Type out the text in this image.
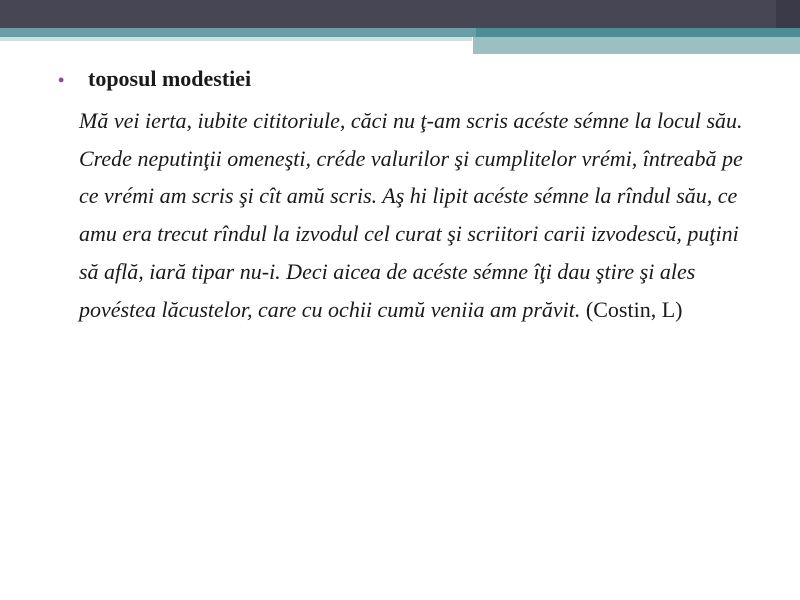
•	toposul modestiei
Mă vei ierta, iubite cititoriule, căci nu ţ-am scris acéste sémne la locul său. Crede neputinţii omeneşti, créde valurilor şi cumplitelor vrémi, întreabă pe ce vrémi am scris şi cît amŭ scris. Aş hi lipit acéste sémne la rîndul său, ce amu era trecut rîndul la izvodul cel curat şi scriitori carii izvodescŭ, puţini să află, iară tipar nu-i. Deci aicea de acéste sémne îţi dau ştire şi ales povéstea lăcustelor, care cu ochii cumŭ veniia am prăvit. (Costin, L)
